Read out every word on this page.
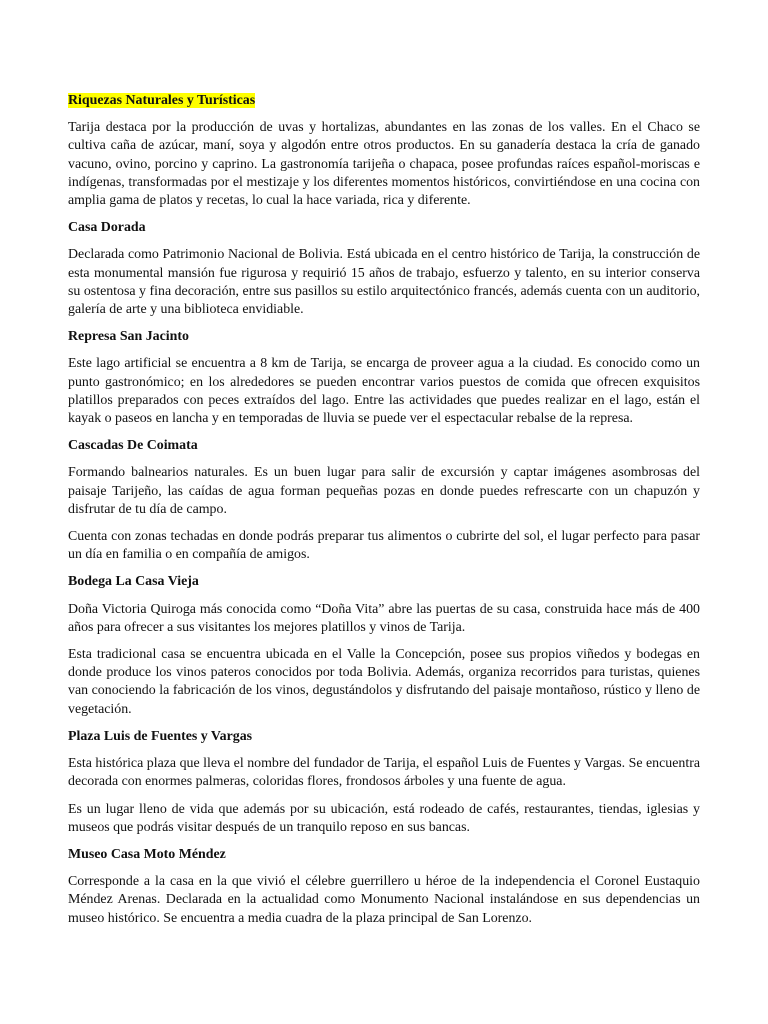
Riquezas Naturales y Turísticas

Tarija destaca por la producción de uvas y hortalizas, abundantes en las zonas de los valles. En el Chaco se cultiva caña de azúcar, maní, soya y algodón entre otros productos. En su ganadería destaca la cría de ganado vacuno, ovino, porcino y caprino. La gastronomía tarijeña o chapaca, posee profundas raíces español-moriscas e indígenas, transformadas por el mestizaje y los diferentes momentos históricos, convirtiéndose en una cocina con amplia gama de platos y recetas, lo cual la hace variada, rica y diferente.

Casa Dorada

Declarada como Patrimonio Nacional de Bolivia. Está ubicada en el centro histórico de Tarija, la construcción de esta monumental mansión fue rigurosa y requirió 15 años de trabajo, esfuerzo y talento, en su interior conserva su ostentosa y fina decoración, entre sus pasillos su estilo arquitectónico francés, además cuenta con un auditorio, galería de arte y una biblioteca envidiable.

Represa San Jacinto

Este lago artificial se encuentra a 8 km de Tarija, se encarga de proveer agua a la ciudad. Es conocido como un punto gastronómico; en los alrededores se pueden encontrar varios puestos de comida que ofrecen exquisitos platillos preparados con peces extraídos del lago. Entre las actividades que puedes realizar en el lago, están el kayak o paseos en lancha y en temporadas de lluvia se puede ver el espectacular rebalse de la represa.

Cascadas De Coimata

Formando balnearios naturales. Es un buen lugar para salir de excursión y captar imágenes asombrosas del paisaje Tarijeño, las caídas de agua forman pequeñas pozas en donde puedes refrescarte con un chapuzón y disfrutar de tu día de campo.

Cuenta con zonas techadas en donde podrás preparar tus alimentos o cubrirte del sol, el lugar perfecto para pasar un día en familia o en compañía de amigos.

Bodega La Casa Vieja

Doña Victoria Quiroga más conocida como “Doña Vita” abre las puertas de su casa, construida hace más de 400 años para ofrecer a sus visitantes los mejores platillos y vinos de Tarija.

Esta tradicional casa se encuentra ubicada en el Valle la Concepción, posee sus propios viñedos y bodegas en donde produce los vinos pateros conocidos por toda Bolivia. Además, organiza recorridos para turistas, quienes van conociendo la fabricación de los vinos, degustándolos y disfrutando del paisaje montañoso, rústico y lleno de vegetación.

Plaza Luis de Fuentes y Vargas

Esta histórica plaza que lleva el nombre del fundador de Tarija, el español Luis de Fuentes y Vargas. Se encuentra decorada con enormes palmeras, coloridas flores, frondosos árboles y una fuente de agua.

Es un lugar lleno de vida que además por su ubicación, está rodeado de cafés, restaurantes, tiendas, iglesias y museos que podrás visitar después de un tranquilo reposo en sus bancas.

Museo Casa Moto Méndez

Corresponde a la casa en la que vivió el célebre guerrillero u héroe de la independencia el Coronel Eustaquio Méndez Arenas. Declarada en la actualidad como Monumento Nacional instalándose en sus dependencias un museo histórico. Se encuentra a media cuadra de la plaza principal de San Lorenzo.
